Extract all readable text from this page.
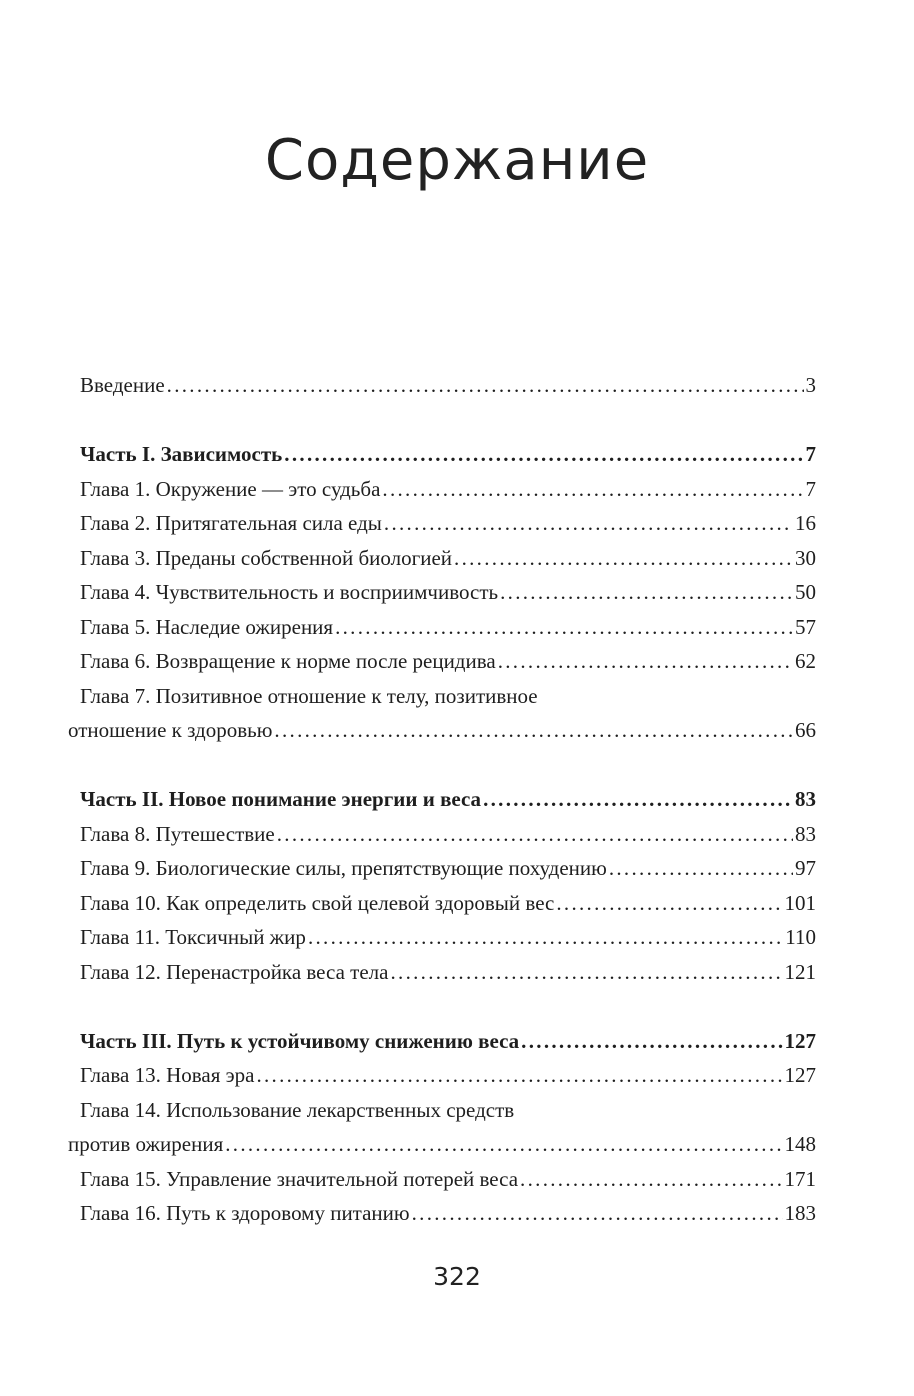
Содержание
Введение .....	3
Часть I. Зависимость .....	7
Глава 1. Окружение — это судьба .....	7
Глава 2. Притягательная сила еды .....	16
Глава 3. Преданы собственной биологией .....	30
Глава 4. Чувствительность и восприимчивость .....	50
Глава 5. Наследие ожирения .....	57
Глава 6. Возвращение к норме после рецидива .....	62
Глава 7. Позитивное отношение к телу, позитивное
отношение к здоровью .....	66
Часть II. Новое понимание энергии и веса .....	83
Глава 8. Путешествие .....	83
Глава 9. Биологические силы, препятствующие похудению .....	97
Глава 10. Как определить свой целевой здоровый вес .....	101
Глава 11. Токсичный жир .....	110
Глава 12. Перенастройка веса тела .....	121
Часть III. Путь к устойчивому снижению веса .....	127
Глава 13. Новая эра .....	127
Глава 14. Использование лекарственных средств
против ожирения .....	148
Глава 15. Управление значительной потерей веса .....	171
Глава 16. Путь к здоровому питанию .....	183
322
